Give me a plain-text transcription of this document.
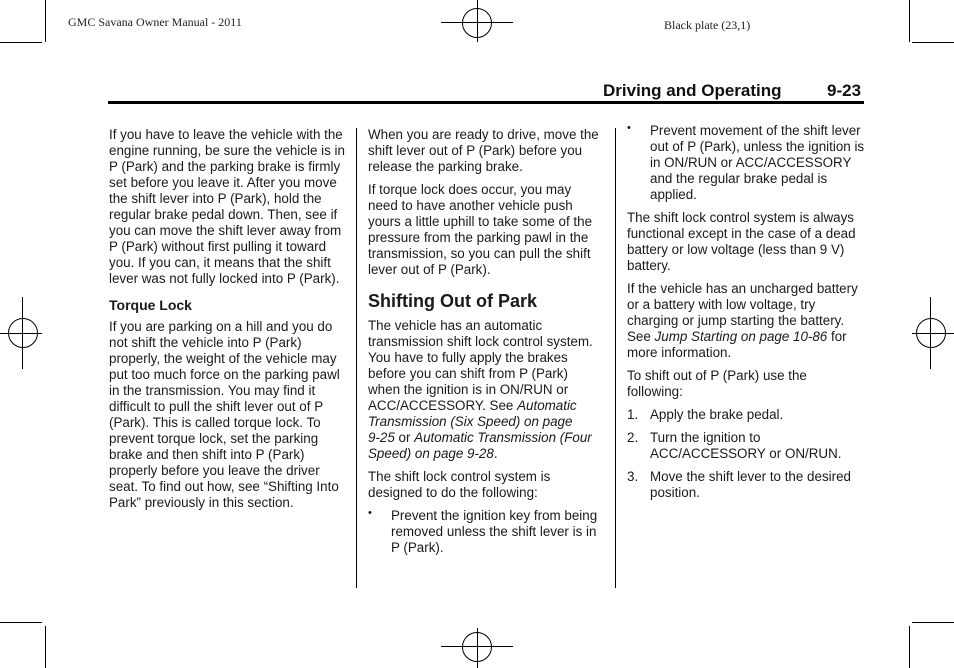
GMC Savana Owner Manual - 2011	Black plate (23,1)
Driving and Operating	9-23

If you have to leave the vehicle with the engine running, be sure the vehicle is in P (Park) and the parking brake is firmly set before you leave it. After you move the shift lever into P (Park), hold the regular brake pedal down. Then, see if you can move the shift lever away from P (Park) without first pulling it toward you. If you can, it means that the shift lever was not fully locked into P (Park).

Torque Lock

If you are parking on a hill and you do not shift the vehicle into P (Park) properly, the weight of the vehicle may put too much force on the parking pawl in the transmission. You may find it difficult to pull the shift lever out of P (Park). This is called torque lock. To prevent torque lock, set the parking brake and then shift into P (Park) properly before you leave the driver seat. To find out how, see “Shifting Into Park” previously in this section.

When you are ready to drive, move the shift lever out of P (Park) before you release the parking brake.

If torque lock does occur, you may need to have another vehicle push yours a little uphill to take some of the pressure from the parking pawl in the transmission, so you can pull the shift lever out of P (Park).

Shifting Out of Park

The vehicle has an automatic transmission shift lock control system. You have to fully apply the brakes before you can shift from P (Park) when the ignition is in ON/RUN or ACC/ACCESSORY. See Automatic Transmission (Six Speed) on page 9‑25 or Automatic Transmission (Four Speed) on page 9‑28.

The shift lock control system is designed to do the following:

• Prevent the ignition key from being removed unless the shift lever is in P (Park).
• Prevent movement of the shift lever out of P (Park), unless the ignition is in ON/RUN or ACC/ACCESSORY and the regular brake pedal is applied.

The shift lock control system is always functional except in the case of a dead battery or low voltage (less than 9 V) battery.

If the vehicle has an uncharged battery or a battery with low voltage, try charging or jump starting the battery. See Jump Starting on page 10‑86 for more information.

To shift out of P (Park) use the following:

1. Apply the brake pedal.
2. Turn the ignition to ACC/ACCESSORY or ON/RUN.
3. Move the shift lever to the desired position.
